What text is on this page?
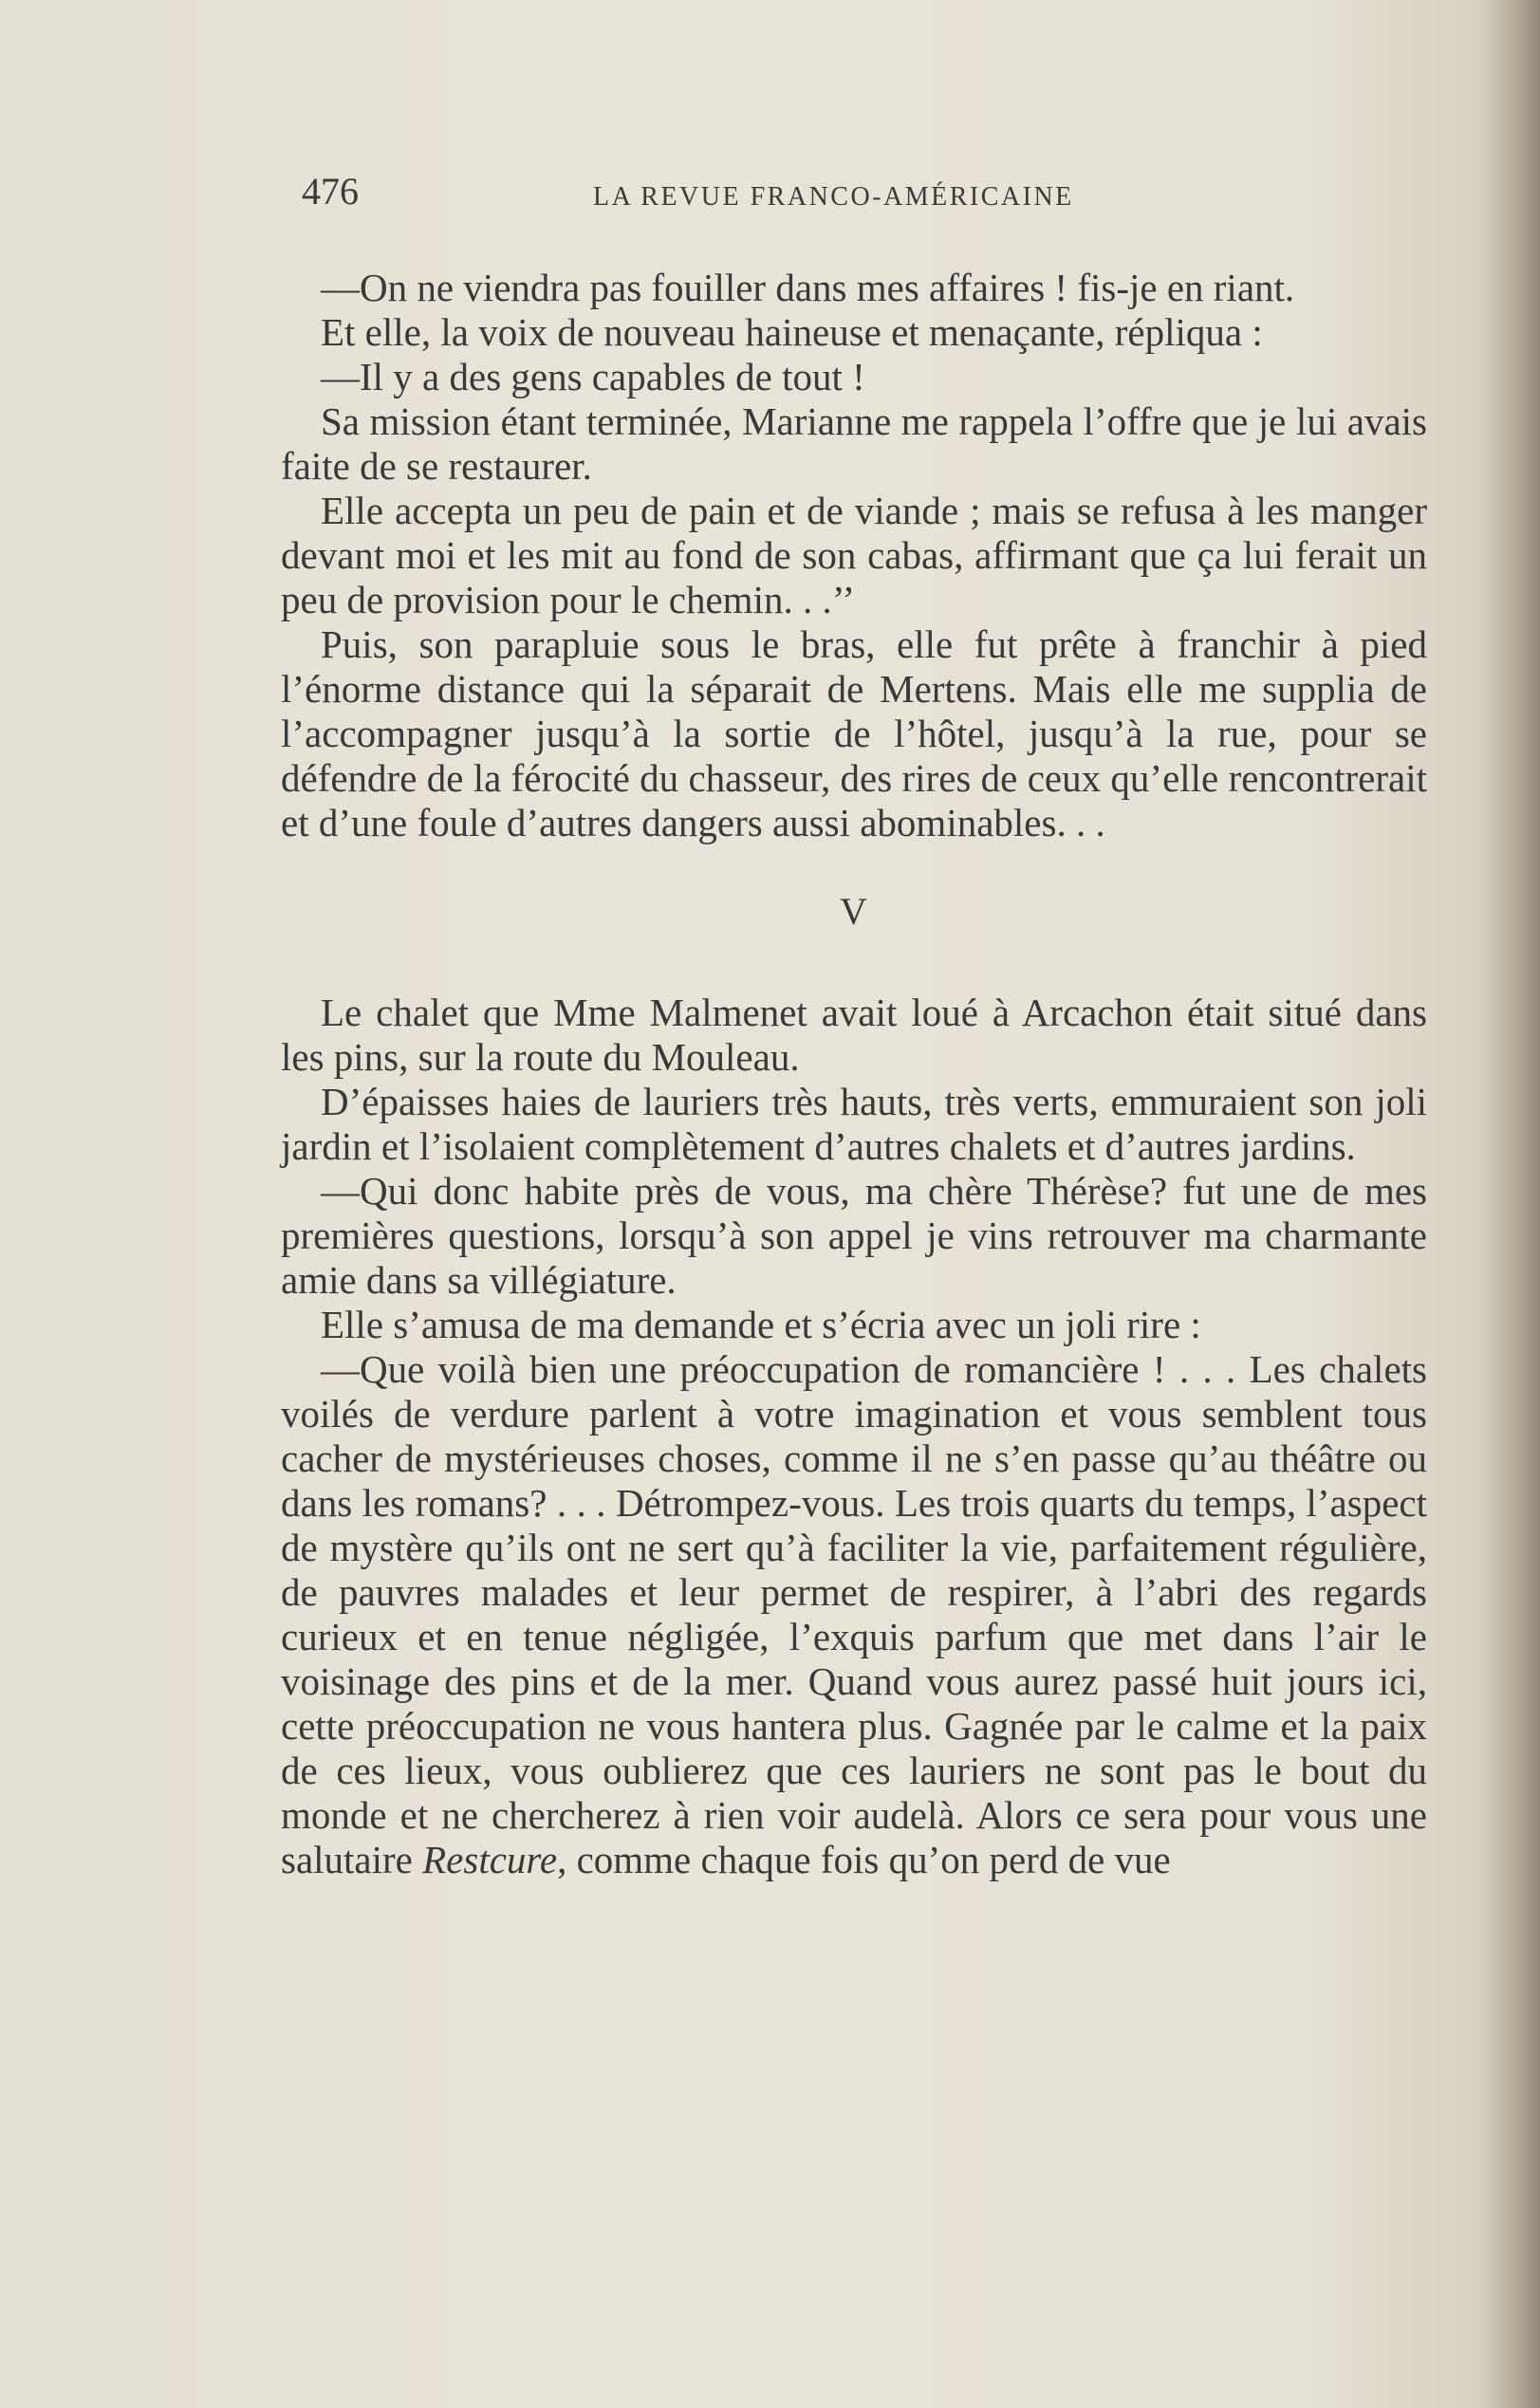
476	LA REVUE FRANCO-AMÉRICAINE

—On ne viendra pas fouiller dans mes affaires ! fis-je en riant.

Et elle, la voix de nouveau haineuse et menaçante, répliqua :

—Il y a des gens capables de tout !

Sa mission étant terminée, Marianne me rappela l’offre que je lui avais faite de se restaurer.

Elle accepta un peu de pain et de viande ; mais se refusa à les manger devant moi et les mit au fond de son cabas, affirmant que ça lui ferait un peu de provision pour le chemin. . .’’

Puis, son parapluie sous le bras, elle fut prête à franchir à pied l’énorme distance qui la séparait de Mertens. Mais elle me supplia de l’accompagner jusqu’à la sortie de l’hôtel, jusqu’à la rue, pour se défendre de la férocité du chasseur, des rires de ceux qu’elle rencontrerait et d’une foule d’autres dangers aussi abominables. . .

V

Le chalet que Mme Malmenet avait loué à Arcachon était situé dans les pins, sur la route du Mouleau.

D’épaisses haies de lauriers très hauts, très verts, emmuraient son joli jardin et l’isolaient complètement d’autres chalets et d’autres jardins.

—Qui donc habite près de vous, ma chère Thérèse? fut une de mes premières questions, lorsqu’à son appel je vins retrouver ma charmante amie dans sa villégiature.

Elle s’amusa de ma demande et s’écria avec un joli rire :

—Que voilà bien une préoccupation de romancière ! . . . Les chalets voilés de verdure parlent à votre imagination et vous semblent tous cacher de mystérieuses choses, comme il ne s’en passe qu’au théâtre ou dans les romans? . . . Détrompez-vous. Les trois quarts du temps, l’aspect de mystère qu’ils ont ne sert qu’à faciliter la vie, parfaitement régulière, de pauvres malades et leur permet de respirer, à l’abri des regards curieux et en tenue négligée, l’exquis parfum que met dans l’air le voisinage des pins et de la mer. Quand vous aurez passé huit jours ici, cette préoccupation ne vous hantera plus. Gagnée par le calme et la paix de ces lieux, vous oublierez que ces lauriers ne sont pas le bout du monde et ne chercherez à rien voir audelà. Alors ce sera pour vous une salutaire Restcure, comme chaque fois qu’on perd de vue
